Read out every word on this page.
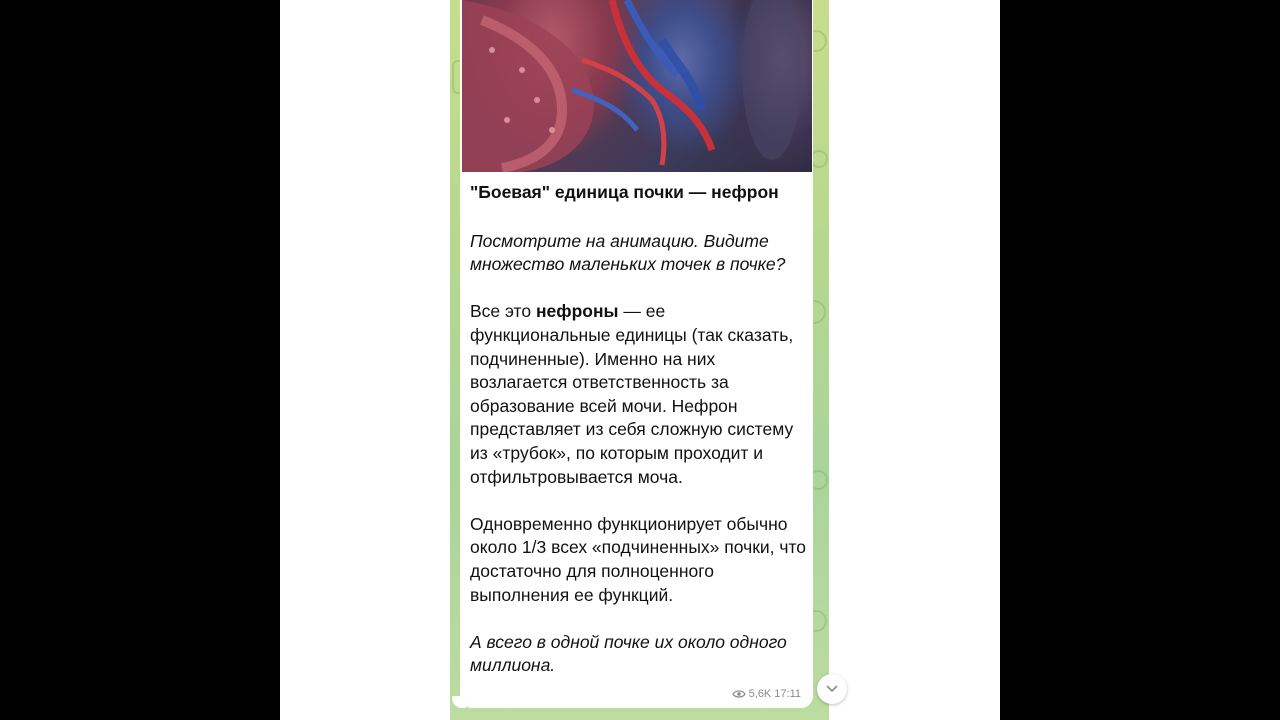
"Боевая" единица почки — нефрон

Посмотрите на анимацию. Видите множество маленьких точек в почке?

Все это нефроны — ее функциональные единицы (так сказать, подчиненные). Именно на них возлагается ответственность за образование всей мочи. Нефрон представляет из себя сложную систему из «трубок», по которым проходит и отфильтровывается моча.

Одновременно функционирует обычно около 1/3 всех «подчиненных» почки, что достаточно для полноценного выполнения ее функций.

А всего в одной почке их около одного миллиона.

5,6K 17:11
